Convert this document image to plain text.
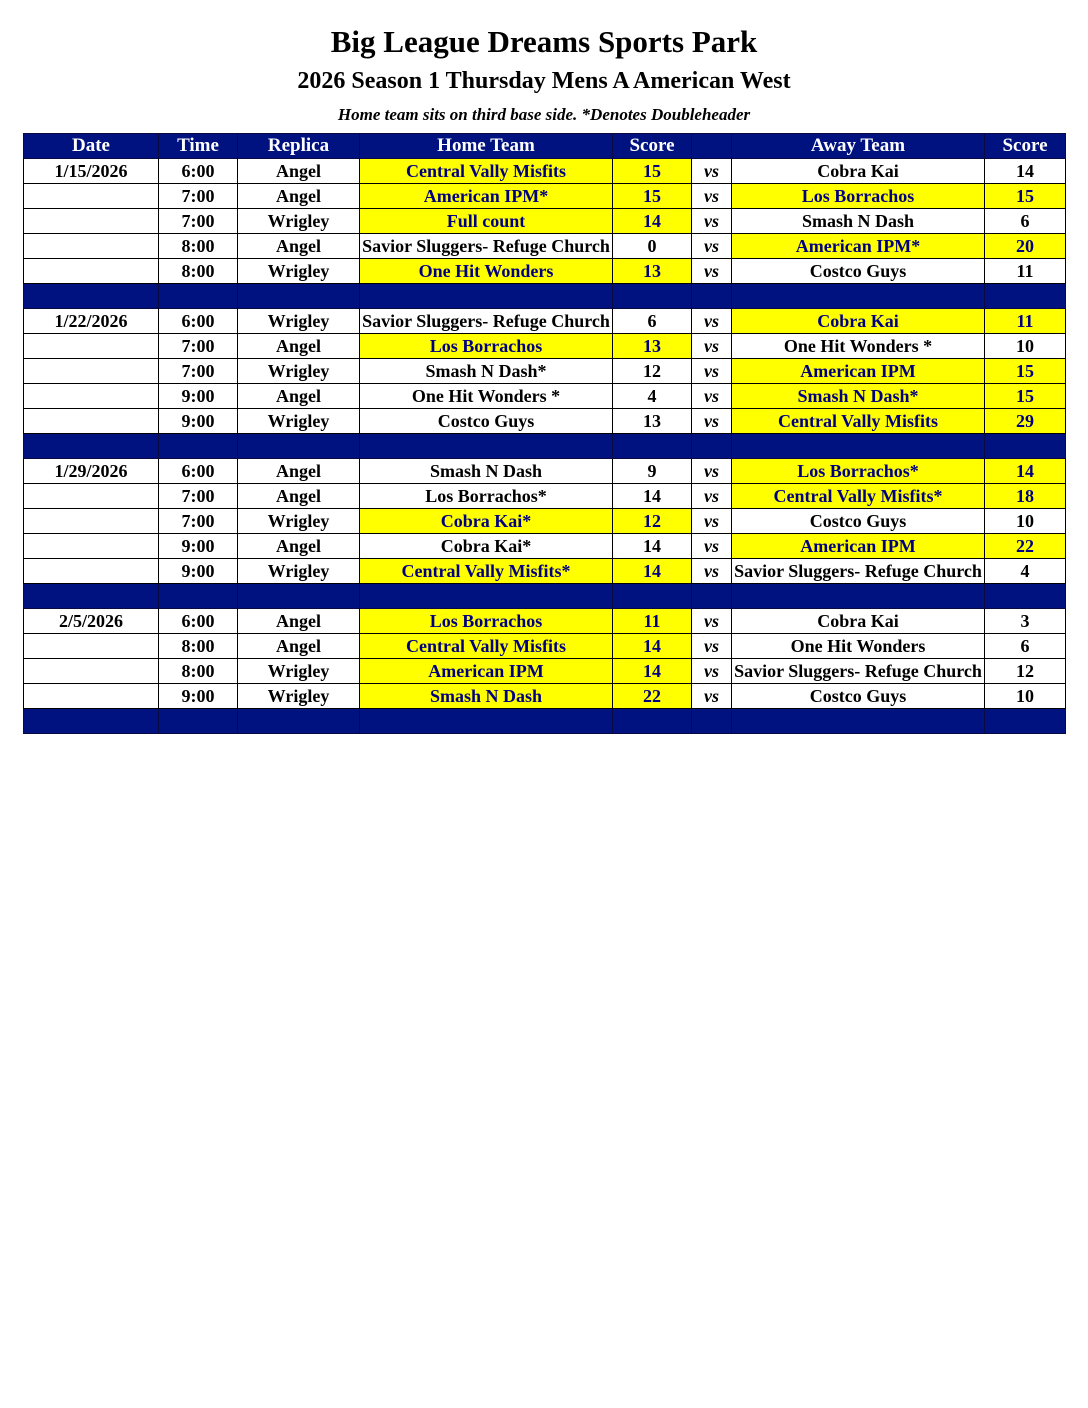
Big League Dreams Sports Park
2026 Season 1 Thursday Mens A American West
Home team sits on third base side. *Denotes Doubleheader
Date	Time	Replica	Home Team	Score		Away Team	Score
1/15/2026	6:00	Angel	Central Vally Misfits	15	vs	Cobra Kai	14
	7:00	Angel	American IPM*	15	vs	Los Borrachos	15
	7:00	Wrigley	Full count	14	vs	Smash N Dash	6
	8:00	Angel	Savior Sluggers- Refuge Church	0	vs	American IPM*	20
	8:00	Wrigley	One Hit Wonders	13	vs	Costco Guys	11

1/22/2026	6:00	Wrigley	Savior Sluggers- Refuge Church	6	vs	Cobra Kai	11
	7:00	Angel	Los Borrachos	13	vs	One Hit Wonders *	10
	7:00	Wrigley	Smash N Dash*	12	vs	American IPM	15
	9:00	Angel	One Hit Wonders *	4	vs	Smash N Dash*	15
	9:00	Wrigley	Costco Guys	13	vs	Central Vally Misfits	29

1/29/2026	6:00	Angel	Smash N Dash	9	vs	Los Borrachos*	14
	7:00	Angel	Los Borrachos*	14	vs	Central Vally Misfits*	18
	7:00	Wrigley	Cobra Kai*	12	vs	Costco Guys	10
	9:00	Angel	Cobra Kai*	14	vs	American IPM	22
	9:00	Wrigley	Central Vally Misfits*	14	vs	Savior Sluggers- Refuge Church	4

2/5/2026	6:00	Angel	Los Borrachos	11	vs	Cobra Kai	3
	8:00	Angel	Central Vally Misfits	14	vs	One Hit Wonders	6
	8:00	Wrigley	American IPM	14	vs	Savior Sluggers- Refuge Church	12
	9:00	Wrigley	Smash N Dash	22	vs	Costco Guys	10
